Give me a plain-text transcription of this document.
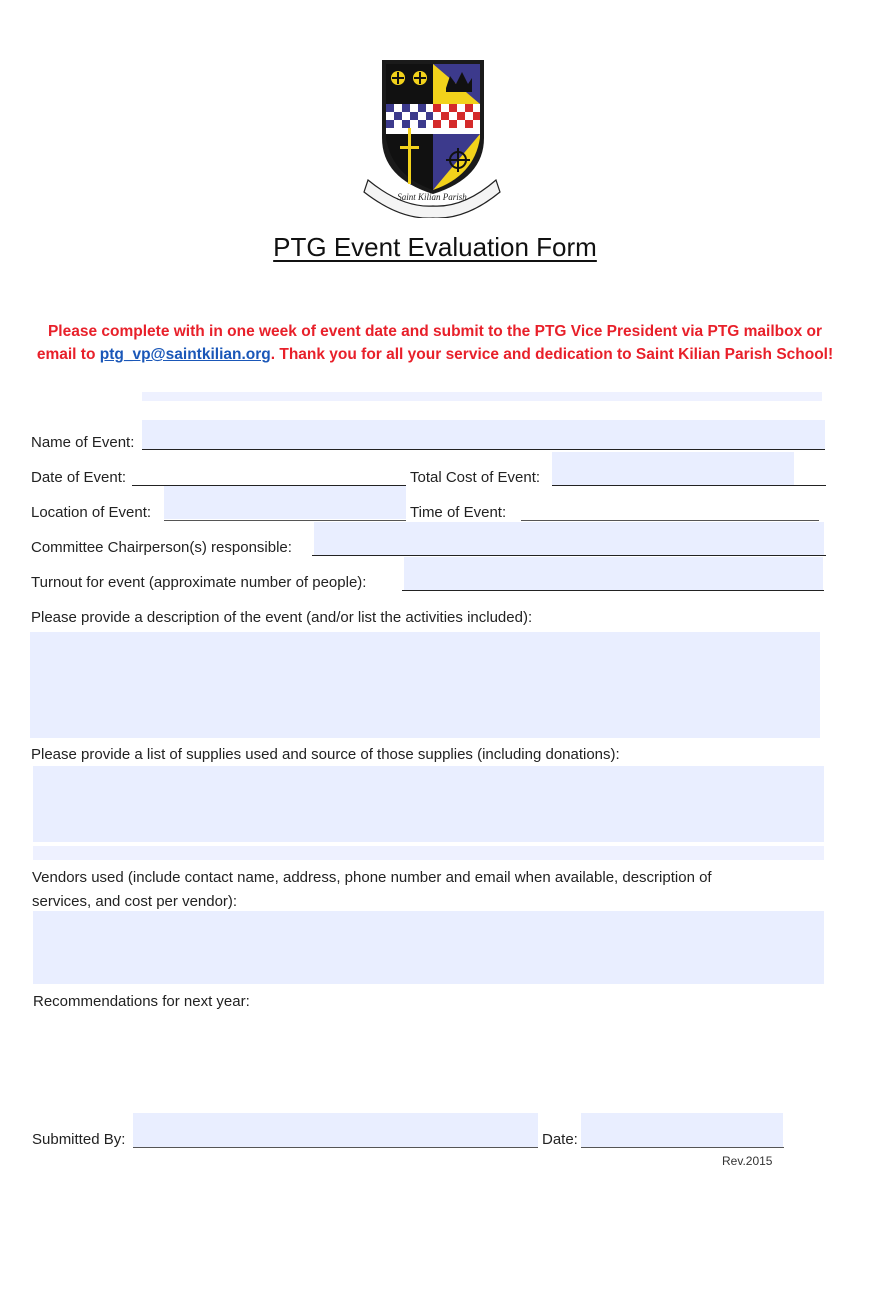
Saint Kilian Parish
PTG Event Evaluation Form
Please complete with in one week of event date and submit to the PTG Vice President via PTG mailbox or
email to ptg_vp@saintkilian.org. Thank you for all your service and dedication to Saint Kilian Parish School!
Name of Event:
Date of Event:	Total Cost of Event:
Location of Event:	Time of Event:
Committee Chairperson(s) responsible:
Turnout for event (approximate number of people):
Please provide a description of the event (and/or list the activities included):
Please provide a list of supplies used and source of those supplies (including donations):
Vendors used (include contact name, address, phone number and email when available, description of
services, and cost per vendor):
Recommendations for next year:
Submitted By:	Date:
Rev.2015
